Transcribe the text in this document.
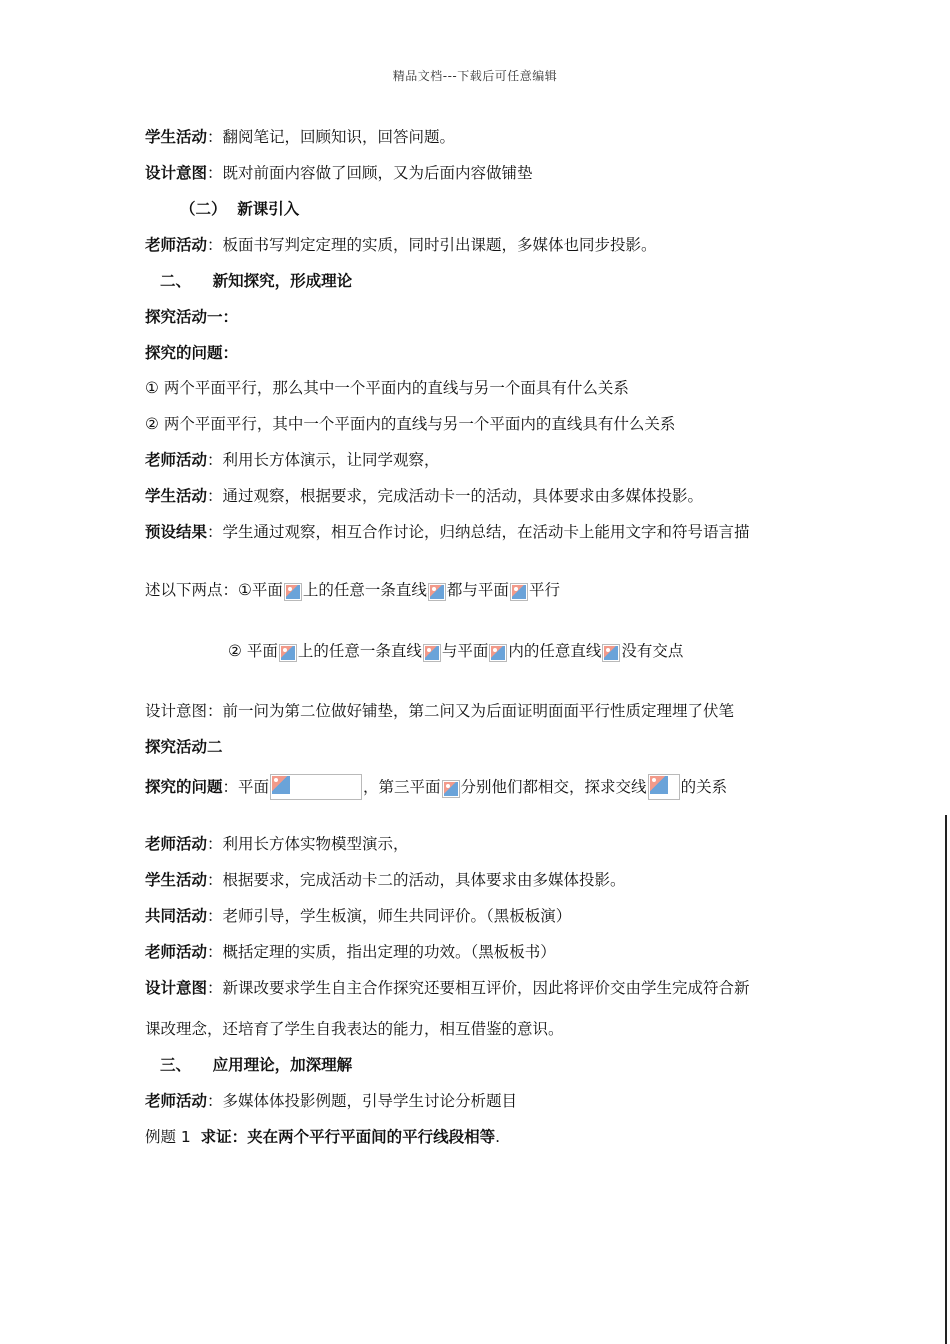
精品文档---下载后可任意编辑
学生活动：翻阅笔记，回顾知识，回答问题。
设计意图：既对前面内容做了回顾，又为后面内容做铺垫
（二）  新课引入
老师活动：板面书写判定定理的实质，同时引出课题，多媒体也同步投影。
二、    新知探究，形成理论
探究活动一：
探究的问题：
① 两个平面平行，那么其中一个平面内的直线与另一个面具有什么关系
② 两个平面平行，其中一个平面内的直线与另一个平面内的直线具有什么关系
老师活动：利用长方体演示，让同学观察，
学生活动：通过观察，根据要求，完成活动卡一的活动，具体要求由多媒体投影。
预设结果：学生通过观察，相互合作讨论，归纳总结，在活动卡上能用文字和符号语言描
述以下两点：①平面 上的任意一条直线 都与平面 平行
② 平面 上的任意一条直线 与平面 内的任意直线 没有交点
设计意图：前一问为第二位做好铺垫，第二问又为后面证明面面平行性质定理埋了伏笔
探究活动二
探究的问题：平面	，第三平面 分别他们都相交，探求交线 的关系
老师活动：利用长方体实物模型演示，
学生活动：根据要求，完成活动卡二的活动，具体要求由多媒体投影。
共同活动：老师引导，学生板演，师生共同评价。（黑板板演）
老师活动：概括定理的实质，指出定理的功效。（黑板板书）
设计意图：新课改要求学生自主合作探究还要相互评价，因此将评价交由学生完成符合新
课改理念，还培育了学生自我表达的能力，相互借鉴的意识。
三、    应用理论，加深理解
老师活动：多媒体体投影例题，引导学生讨论分析题目
例题 1  求证：夹在两个平行平面间的平行线段相等.
